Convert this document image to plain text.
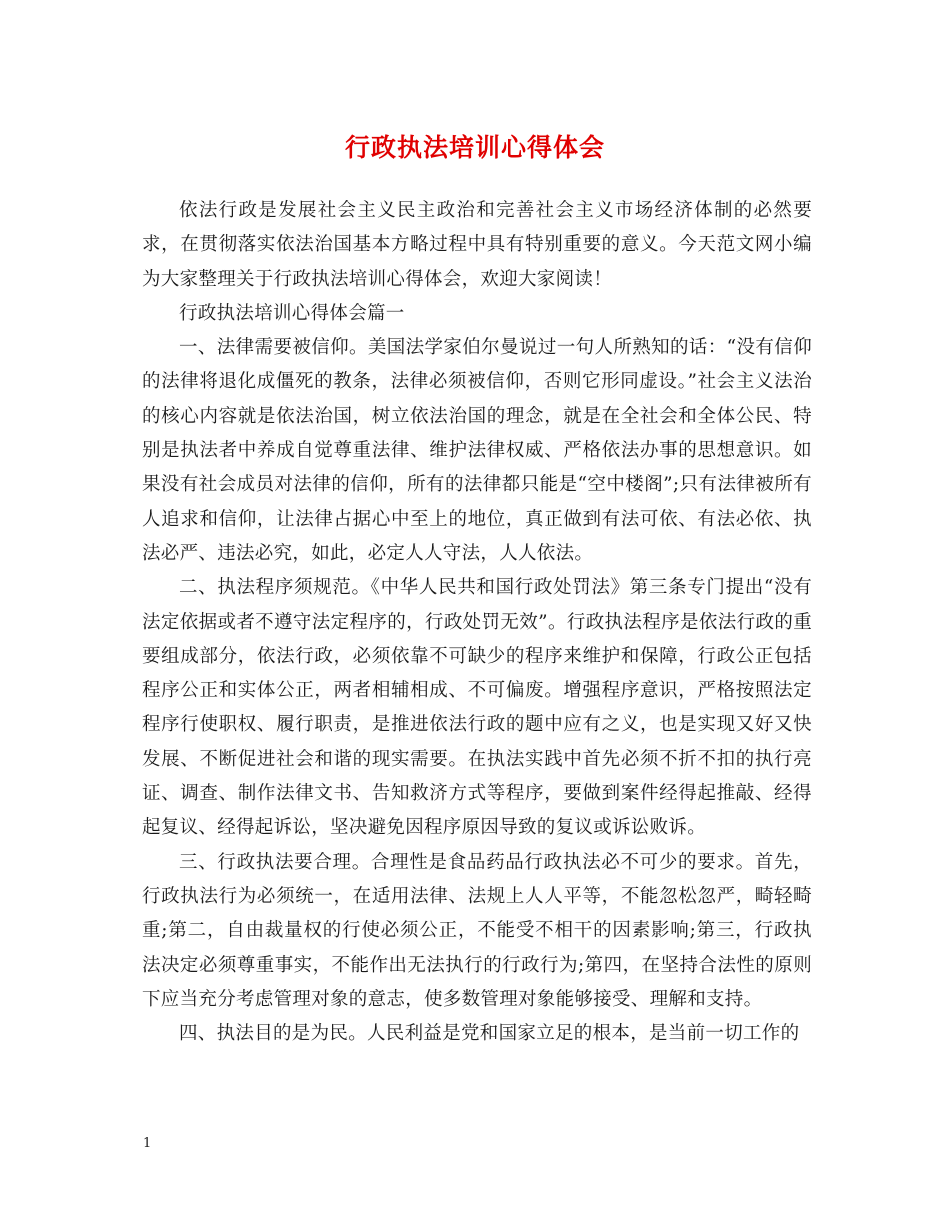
行政执法培训心得体会

依法行政是发展社会主义民主政治和完善社会主义市场经济体制的必然要求，在贯彻落实依法治国基本方略过程中具有特别重要的意义。今天范文网小编为大家整理关于行政执法培训心得体会，欢迎大家阅读！

行政执法培训心得体会篇一

一、法律需要被信仰。美国法学家伯尔曼说过一句人所熟知的话：“没有信仰的法律将退化成僵死的教条，法律必须被信仰，否则它形同虚设。”社会主义法治的核心内容就是依法治国，树立依法治国的理念，就是在全社会和全体公民、特别是执法者中养成自觉尊重法律、维护法律权威、严格依法办事的思想意识。如果没有社会成员对法律的信仰，所有的法律都只能是“空中楼阁”;只有法律被所有人追求和信仰，让法律占据心中至上的地位，真正做到有法可依、有法必依、执法必严、违法必究，如此，必定人人守法，人人依法。

二、执法程序须规范。《中华人民共和国行政处罚法》第三条专门提出“没有法定依据或者不遵守法定程序的，行政处罚无效”。行政执法程序是依法行政的重要组成部分，依法行政，必须依靠不可缺少的程序来维护和保障，行政公正包括程序公正和实体公正，两者相辅相成、不可偏废。增强程序意识，严格按照法定程序行使职权、履行职责，是推进依法行政的题中应有之义，也是实现又好又快发展、不断促进社会和谐的现实需要。在执法实践中首先必须不折不扣的执行亮证、调查、制作法律文书、告知救济方式等程序，要做到案件经得起推敲、经得起复议、经得起诉讼，坚决避免因程序原因导致的复议或诉讼败诉。

三、行政执法要合理。合理性是食品药品行政执法必不可少的要求。首先，行政执法行为必须统一，在适用法律、法规上人人平等，不能忽松忽严，畸轻畸重;第二，自由裁量权的行使必须公正，不能受不相干的因素影响;第三，行政执法决定必须尊重事实，不能作出无法执行的行政行为;第四，在坚持合法性的原则下应当充分考虑管理对象的意志，使多数管理对象能够接受、理解和支持。

四、执法目的是为民。人民利益是党和国家立足的根本，是当前一切工作的

1
